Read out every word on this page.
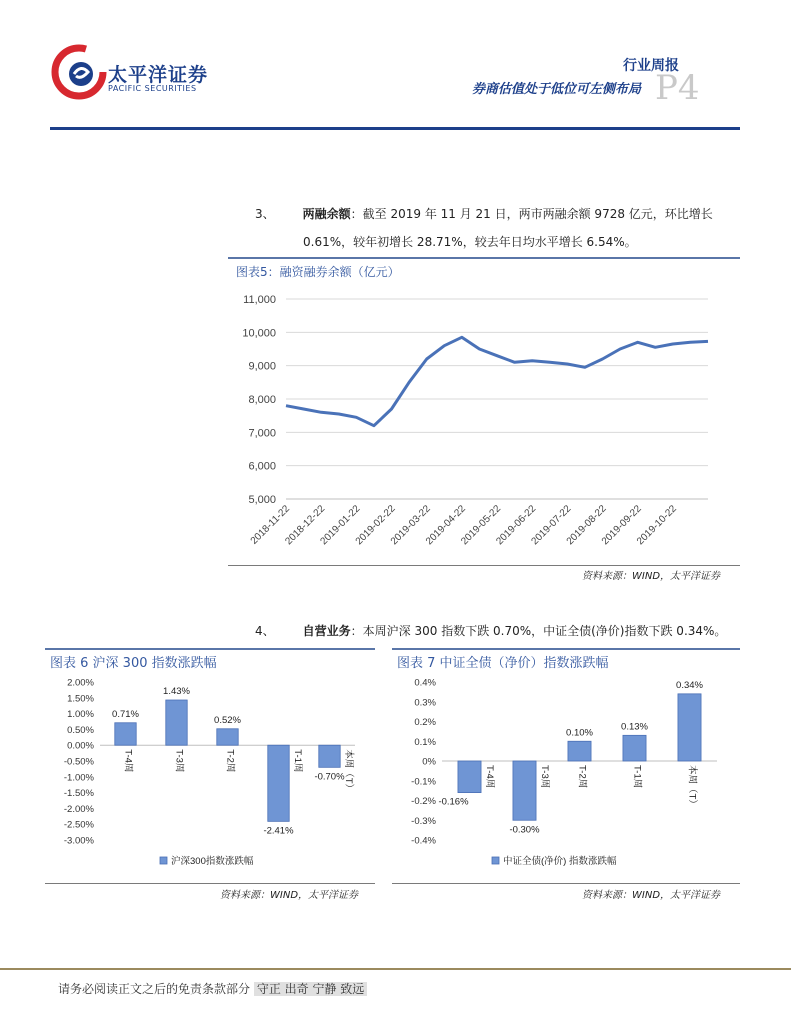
太平洋证券
PACIFIC SECURITIES
行业周报
券商估值处于低位可左侧布局 P4
3、 两融余额：截至 2019 年 11 月 21 日，两市两融余额 9728 亿元，环比增长
0.61%，较年初增长 28.71%，较去年日均水平增长 6.54%。
图表5：融资融券余额（亿元）
11,000
10,000
9,000
8,000
7,000
6,000
5,000
2018-11-22
2018-12-22
2019-01-22
2019-02-22
2019-03-22
2019-04-22
2019-05-22
2019-06-22
2019-07-22
2019-08-22
2019-09-22
2019-10-22
资料来源：WIND，太平洋证券
4、 自营业务：本周沪深 300 指数下跌 0.70%，中证全债(净价)指数下跌 0.34%。
图表 6 沪深 300 指数涨跌幅
0.71%
1.43%
0.52%
-2.41%
-0.70%
2.00%
1.50%
1.00%
0.50%
0.00%
-0.50%
-1.00%
-1.50%
-2.00%
-2.50%
-3.00%
T-4周	T-3周	T-2周	T-1周	本周（T）
沪深300指数涨跌幅
资料来源：WIND，太平洋证券
图表 7 中证全债（净价）指数涨跌幅
-0.16%
-0.30%
0.10%
0.13%
0.34%
0.4%
0.3%
0.2%
0.1%
0%
-0.1%
-0.2%
-0.3%
-0.4%
T-4周	T-3周	T-2周	T-1周	本周（T）
中证全债(净价) 指数涨跌幅
资料来源：WIND，太平洋证券
请务必阅读正文之后的免责条款部分 守正 出奇 宁静 致远
